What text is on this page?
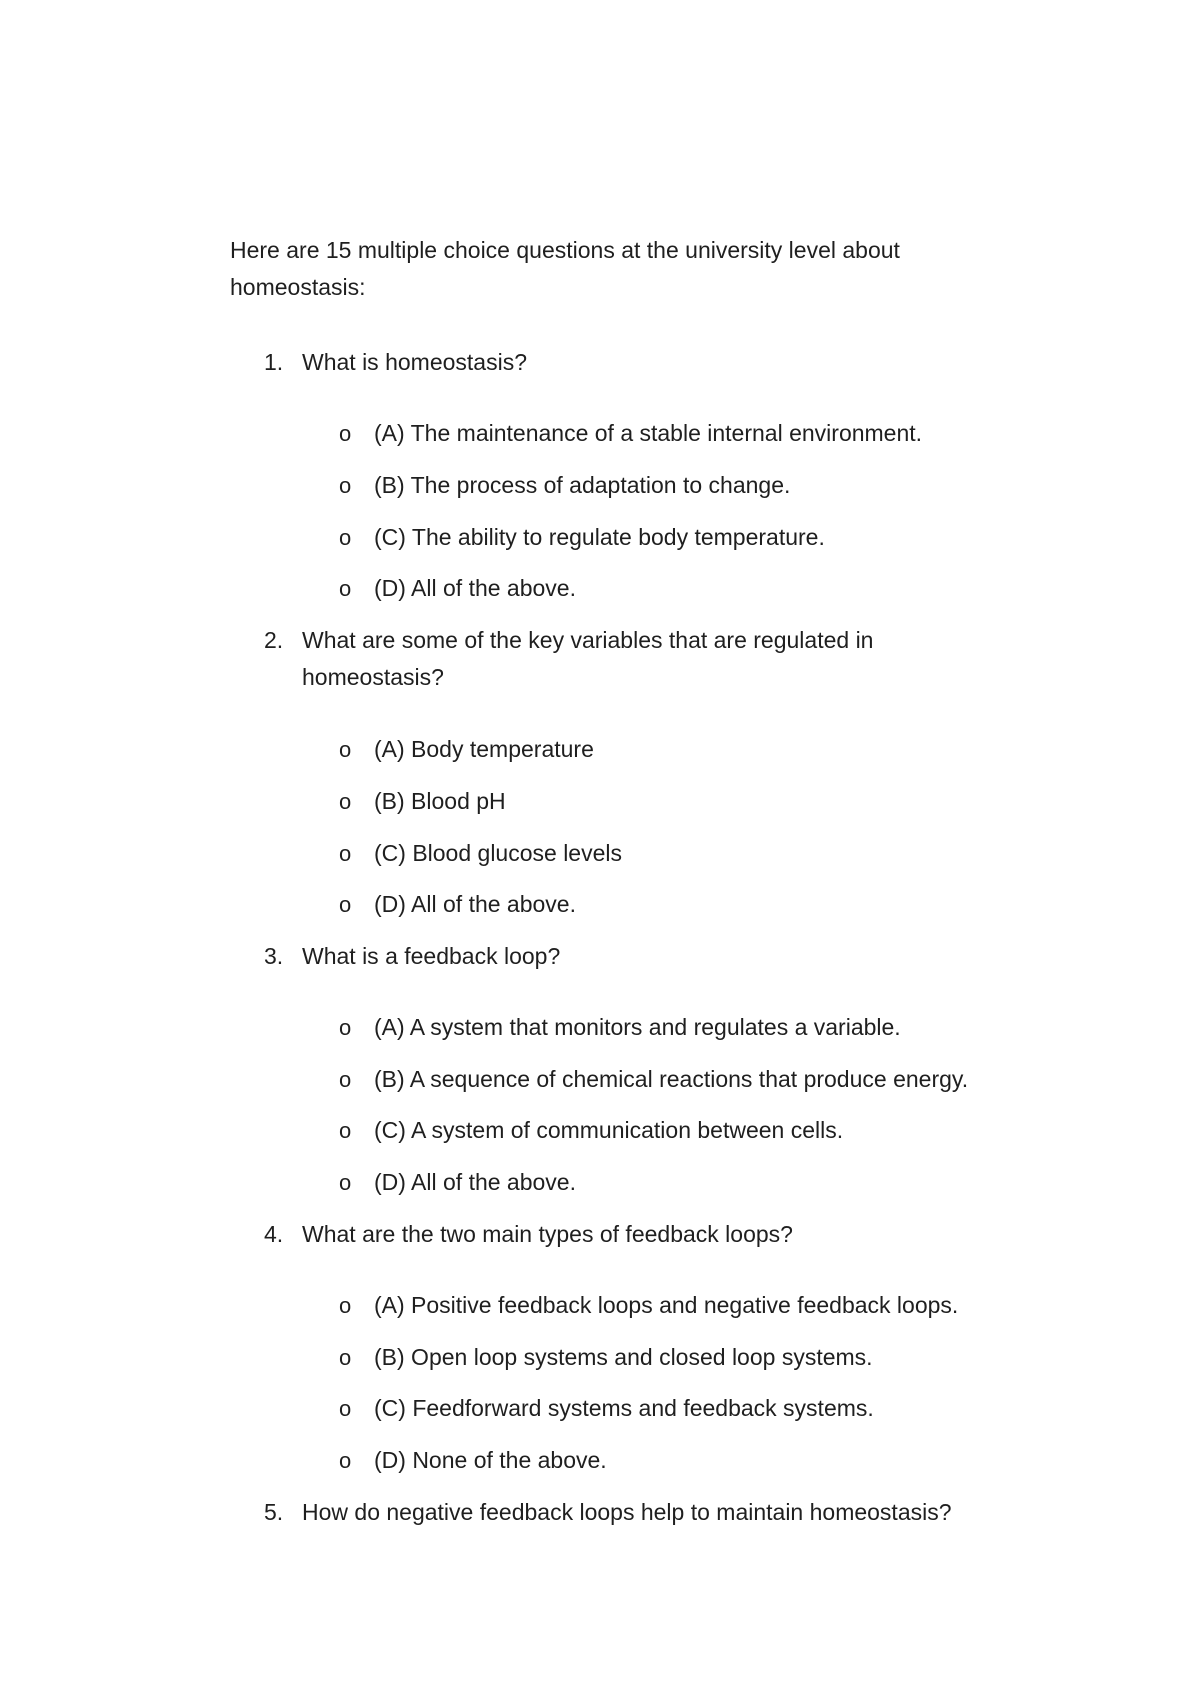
Here are 15 multiple choice questions at the university level about homeostasis:

1. What is homeostasis?

o (A) The maintenance of a stable internal environment.
o (B) The process of adaptation to change.
o (C) The ability to regulate body temperature.
o (D) All of the above.
2. What are some of the key variables that are regulated in homeostasis?

o (A) Body temperature
o (B) Blood pH
o (C) Blood glucose levels
o (D) All of the above.
3. What is a feedback loop?

o (A) A system that monitors and regulates a variable.
o (B) A sequence of chemical reactions that produce energy.
o (C) A system of communication between cells.
o (D) All of the above.
4. What are the two main types of feedback loops?

o (A) Positive feedback loops and negative feedback loops.
o (B) Open loop systems and closed loop systems.
o (C) Feedforward systems and feedback systems.
o (D) None of the above.
5. How do negative feedback loops help to maintain homeostasis?
